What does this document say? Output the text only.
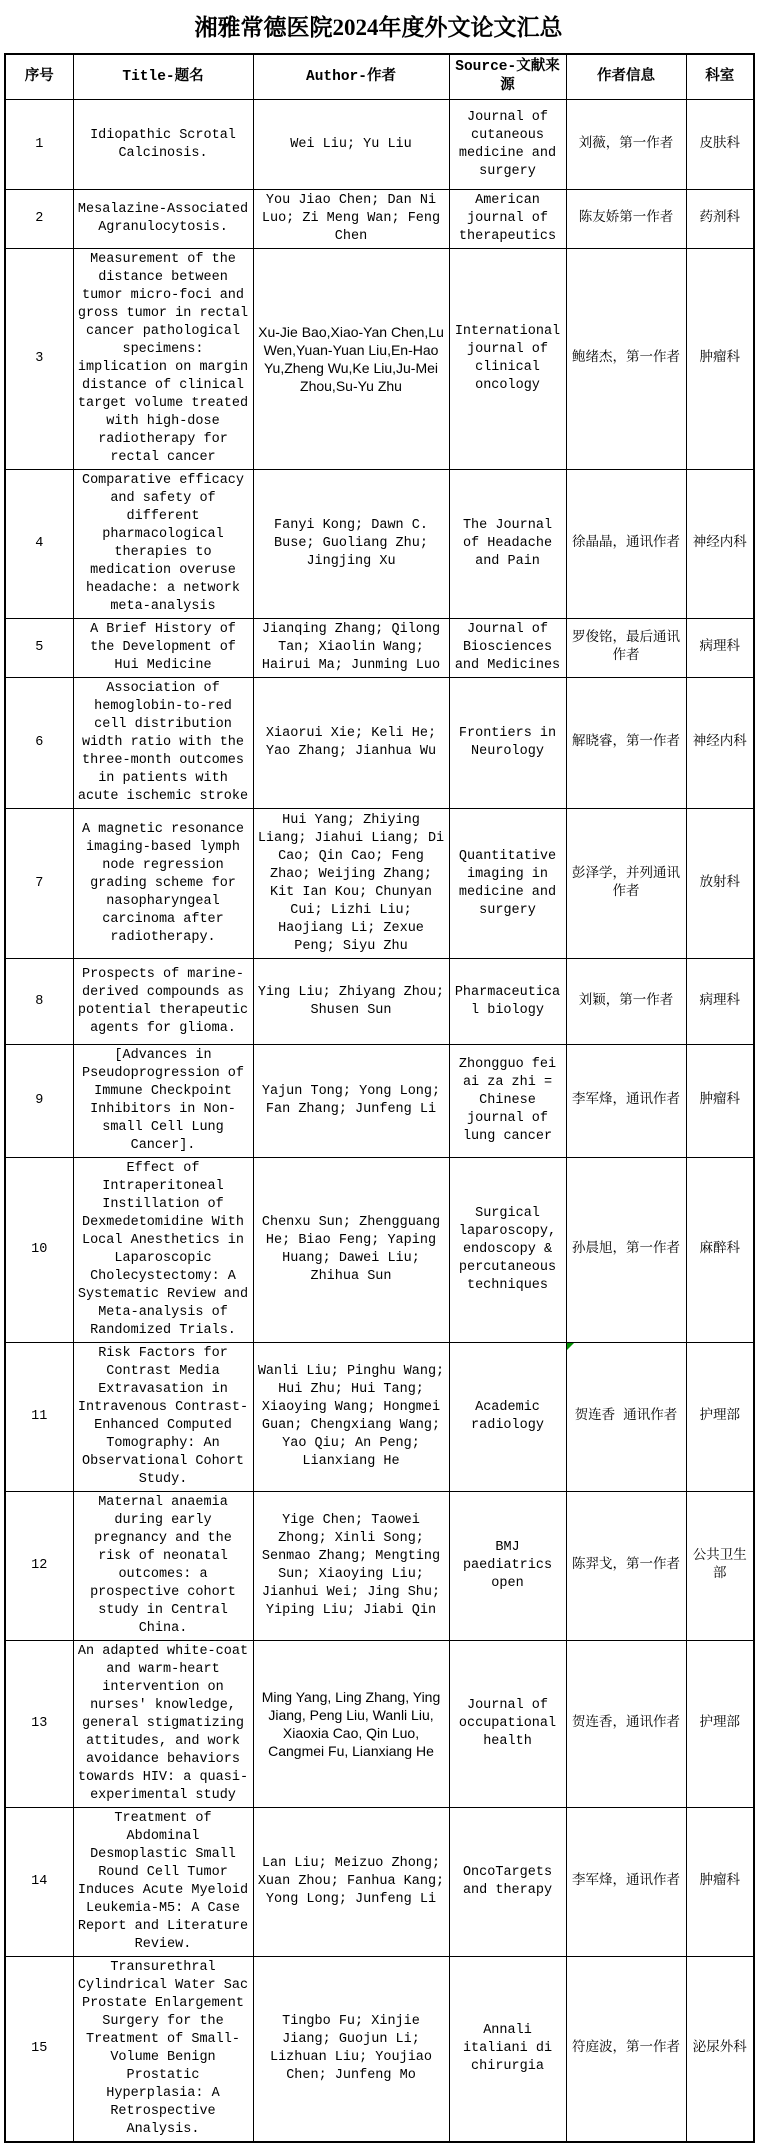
湘雅常德医院2024年度外文论文汇总
序号	Title-题名	Author-作者	Source-文献来源	作者信息	科室
1	Idiopathic Scrotal Calcinosis.	Wei Liu; Yu Liu	Journal of cutaneous medicine and surgery	刘薇，第一作者	皮肤科
2	Mesalazine-Associated Agranulocytosis.	You Jiao Chen; Dan Ni Luo; Zi Meng Wan; Feng Chen	American journal of therapeutics	陈友娇第一作者	药剂科
3	Measurement of the distance between tumor micro-foci and gross tumor in rectal cancer pathological specimens: implication on margin distance of clinical target volume treated with high-dose radiotherapy for rectal cancer	Xu-Jie Bao,Xiao-Yan Chen,Lu Wen,Yuan-Yuan Liu,En-Hao Yu,Zheng Wu,Ke Liu,Ju-Mei Zhou,Su-Yu Zhu	International journal of clinical oncology	鲍绪杰，第一作者	肿瘤科
4	Comparative efficacy and safety of different pharmacological therapies to medication overuse headache: a network meta-analysis	Fanyi Kong; Dawn C. Buse; Guoliang Zhu; Jingjing Xu	The Journal of Headache and Pain	徐晶晶，通讯作者	神经内科
5	A Brief History of the Development of Hui Medicine	Jianqing Zhang; Qilong Tan; Xiaolin Wang; Hairui Ma; Junming Luo	Journal of Biosciences and Medicines	罗俊铭，最后通讯作者	病理科
6	Association of hemoglobin-to-red cell distribution width ratio with the three-month outcomes in patients with acute ischemic stroke	Xiaorui Xie; Keli He; Yao Zhang; Jianhua Wu	Frontiers in Neurology	解晓睿，第一作者	神经内科
7	A magnetic resonance imaging-based lymph node regression grading scheme for nasopharyngeal carcinoma after radiotherapy.	Hui Yang; Zhiying Liang; Jiahui Liang; Di Cao; Qin Cao; Feng Zhao; Weijing Zhang; Kit Ian Kou; Chunyan Cui; Lizhi Liu; Haojiang Li; Zexue Peng; Siyu Zhu	Quantitative imaging in medicine and surgery	彭泽学，并列通讯作者	放射科
8	Prospects of marine-derived compounds as potential therapeutic agents for glioma.	Ying Liu; Zhiyang Zhou; Shusen Sun	Pharmaceutical biology	刘颖，第一作者	病理科
9	[Advances in Pseudoprogression of Immune Checkpoint Inhibitors in Non-small Cell Lung Cancer].	Yajun Tong; Yong Long; Fan Zhang; Junfeng Li	Zhongguo fei ai za zhi = Chinese journal of lung cancer	李军烽，通讯作者	肿瘤科
10	Effect of Intraperitoneal Instillation of Dexmedetomidine With Local Anesthetics in Laparoscopic Cholecystectomy: A Systematic Review and Meta-analysis of Randomized Trials.	Chenxu Sun; Zhengguang He; Biao Feng; Yaping Huang; Dawei Liu; Zhihua Sun	Surgical laparoscopy, endoscopy & percutaneous techniques	孙晨旭，第一作者	麻醉科
11	Risk Factors for Contrast Media Extravasation in Intravenous Contrast-Enhanced Computed Tomography: An Observational Cohort Study.	Wanli Liu; Pinghu Wang; Hui Zhu; Hui Tang; Xiaoying Wang; Hongmei Guan; Chengxiang Wang; Yao Qiu; An Peng; Lianxiang He	Academic radiology	贺连香 通讯作者	护理部
12	Maternal anaemia during early pregnancy and the risk of neonatal outcomes: a prospective cohort study in Central China.	Yige Chen; Taowei Zhong; Xinli Song; Senmao Zhang; Mengting Sun; Xiaoying Liu; Jianhui Wei; Jing Shu; Yiping Liu; Jiabi Qin	BMJ paediatrics open	陈羿戈，第一作者	公共卫生部
13	An adapted white-coat and warm-heart intervention on nurses' knowledge, general stigmatizing attitudes, and work avoidance behaviors towards HIV: a quasi-experimental study	Ming Yang, Ling Zhang, Ying Jiang, Peng Liu, Wanli Liu, Xiaoxia Cao, Qin Luo, Cangmei Fu, Lianxiang He	Journal of occupational health	贺连香，通讯作者	护理部
14	Treatment of Abdominal Desmoplastic Small Round Cell Tumor Induces Acute Myeloid Leukemia-M5: A Case Report and Literature Review.	Lan Liu; Meizuo Zhong; Xuan Zhou; Fanhua Kang; Yong Long; Junfeng Li	OncoTargets and therapy	李军烽，通讯作者	肿瘤科
15	Transurethral Cylindrical Water Sac Prostate Enlargement Surgery for the Treatment of Small-Volume Benign Prostatic Hyperplasia: A Retrospective Analysis.	Tingbo Fu; Xinjie Jiang; Guojun Li; Lizhuan Liu; Youjiao Chen; Junfeng Mo	Annali italiani di chirurgia	符庭波，第一作者	泌尿外科
